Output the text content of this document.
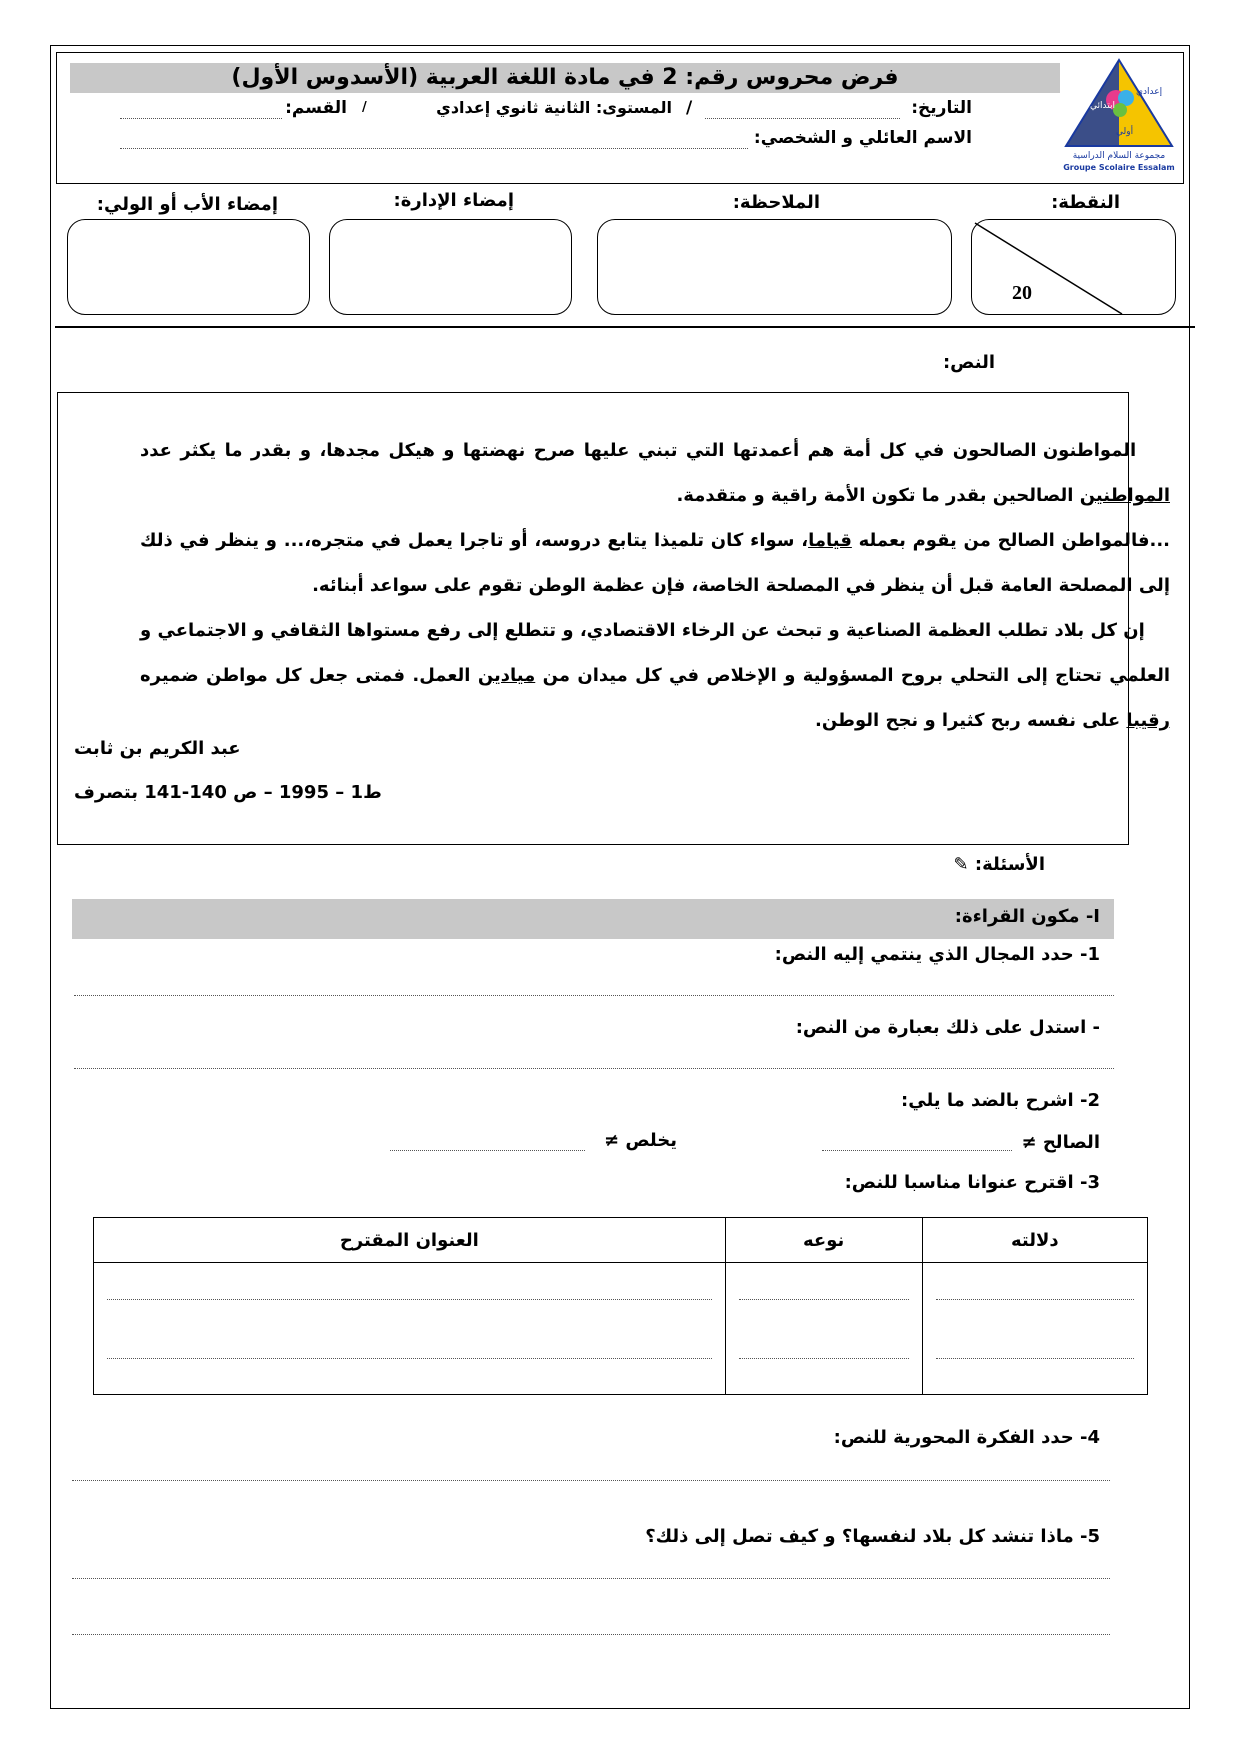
فرض محروس رقم: 2 في مادة اللغة العربية (الأسدوس الأول)
ابتدائي
إعدادي
أولي
مجموعة السلام الدراسية
Groupe Scolaire Essalam
التاريخ:
/
المستوى: الثانية ثانوي إعدادي
/
القسم:
الاسم العائلي و الشخصي:
النقطة:
الملاحظة:
إمضاء الإدارة:
إمضاء الأب أو الولي:
20
النص:
المواطنون الصالحون في كل أمة هم أعمدتها التي تبني عليها صرح نهضتها و هيكل مجدها، و بقدر ما يكثر عدد المواطنين الصالحين بقدر ما تكون الأمة راقية و متقدمة.
...فالمواطن الصالح من يقوم بعمله قياما، سواء كان تلميذا يتابع دروسه، أو تاجرا يعمل في متجره،... و ينظر في ذلك إلى المصلحة العامة قبل أن ينظر في المصلحة الخاصة، فإن عظمة الوطن تقوم على سواعد أبنائه.
إن كل بلاد تطلب العظمة الصناعية و تبحث عن الرخاء الاقتصادي، و تتطلع إلى رفع مستواها الثقافي و الاجتماعي و العلمي تحتاج إلى التحلي بروح المسؤولية و الإخلاص في كل ميدان من ميادين العمل. فمتى جعل كل مواطن ضميره رقيبا على نفسه ربح كثيرا و نجح الوطن.
عبد الكريم بن ثابت
ط1 – 1995 – ص 140-141 بتصرف
الأسئلة: ✎
I- مكون القراءة:
1- حدد المجال الذي ينتمي إليه النص:
- استدل على ذلك بعبارة من النص:
2- اشرح بالضد ما يلي:
الصالح ≠
يخلص ≠
3- اقترح عنوانا مناسبا للنص:
العنوان المقترح	نوعه	دلالته

4- حدد الفكرة المحورية للنص:
5- ماذا تنشد كل بلاد لنفسها؟ و كيف تصل إلى ذلك؟
